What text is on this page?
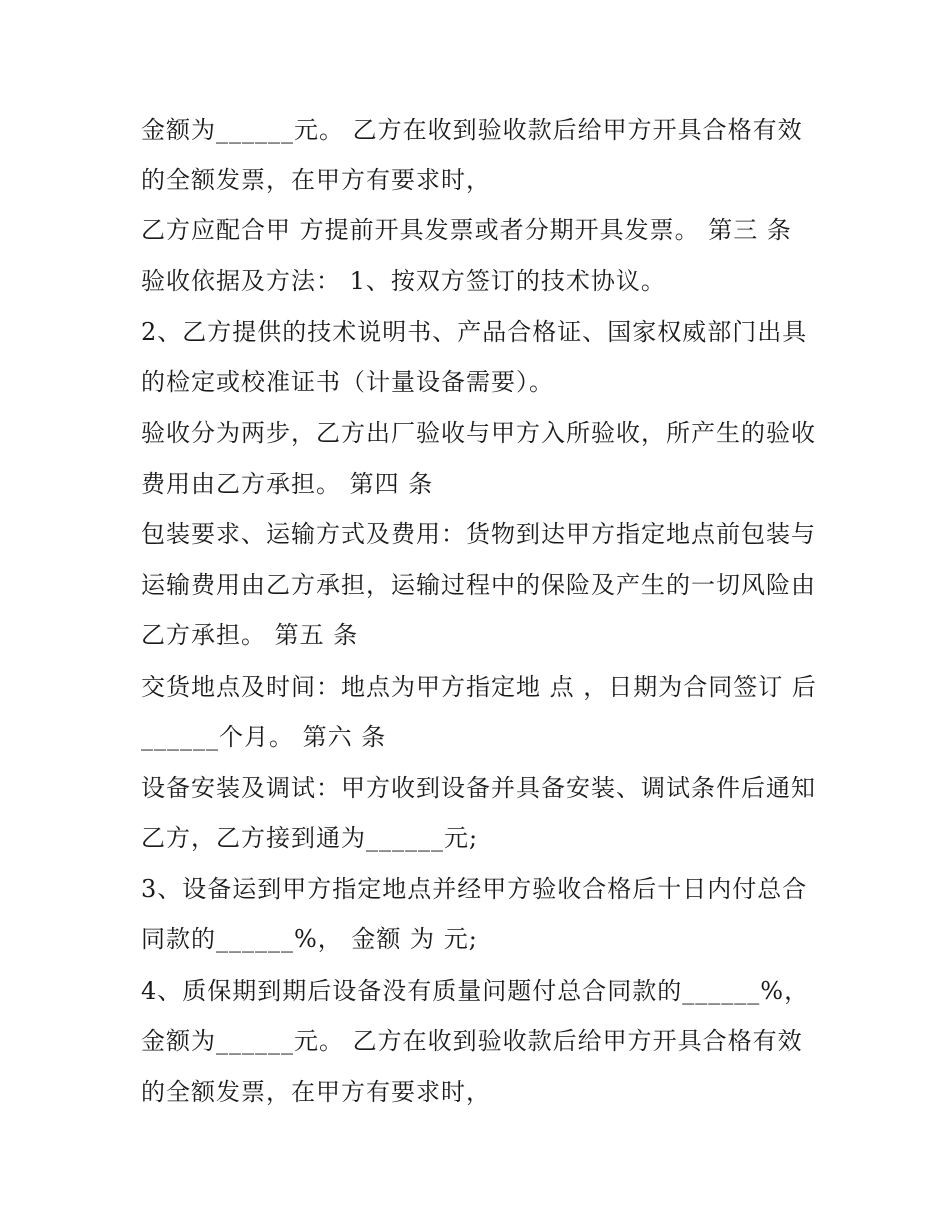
金额为______元。 乙方在收到验收款后给甲方开具合格有效
的全额发票，在甲方有要求时，
乙方应配合甲 方提前开具发票或者分期开具发票。 第三 条
验收依据及方法： 1、按双方签订的技术协议。
2、乙方提供的技术说明书、产品合格证、国家权威部门出具
的检定或校准证书（计量设备需要）。
验收分为两步，乙方出厂验收与甲方入所验收，所产生的验收
费用由乙方承担。 第四 条
包装要求、运输方式及费用：货物到达甲方指定地点前包装与
运输费用由乙方承担，运输过程中的保险及产生的一切风险由
乙方承担。 第五 条
交货地点及时间：地点为甲方指定地 点 ，日期为合同签订 后
______个月。 第六 条
设备安装及调试：甲方收到设备并具备安装、调试条件后通知
乙方，乙方接到通为______元;
3、设备运到甲方指定地点并经甲方验收合格后十日内付总合
同款的______%， 金额 为 元;
4、质保期到期后设备没有质量问题付总合同款的______%，
金额为______元。 乙方在收到验收款后给甲方开具合格有效
的全额发票，在甲方有要求时，
